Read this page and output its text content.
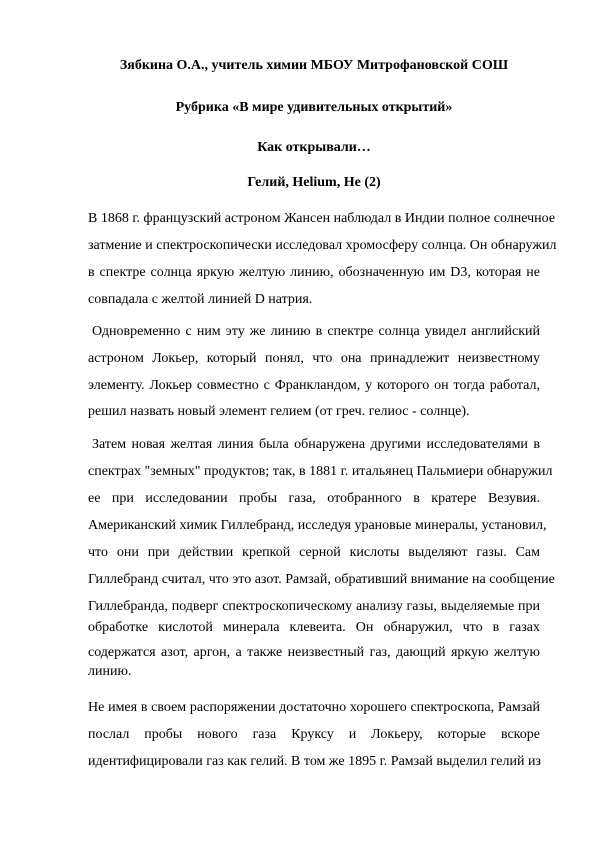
Зябкина О.А., учитель химии МБОУ Митрофановской СОШ
Рубрика «В мире удивительных открытий»
Как открывали…
Гелий, Helium, He (2)
В 1868 г. французский астроном Жансен наблюдал в Индии полное солнечное
затмение и спектроскопически исследовал хромосферу солнца. Он обнаружил
в спектре солнца яркую желтую линию, обозначенную им D3, которая не
совпадала с желтой линией D натрия.
Одновременно с ним эту же линию в спектре солнца увидел английский
астроном Локьер, который понял, что она принадлежит неизвестному
элементу. Локьер совместно с Франкландом, у которого он тогда работал,
решил назвать новый элемент гелием (от греч. гелиос - солнце).
Затем новая желтая линия была обнаружена другими исследователями в
спектрах "земных" продуктов; так, в 1881 г. итальянец Пальмиери обнаружил
ее при исследовании пробы газа, отобранного в кратере Везувия.
Американский химик Гиллебранд, исследуя урановые минералы, установил,
что они при действии крепкой серной кислоты выделяют газы. Сам
Гиллебранд считал, что это азот. Рамзай, обративший внимание на сообщение
Гиллебранда, подверг спектроскопическому анализу газы, выделяемые при
обработке кислотой минерала клевеита. Он обнаружил, что в газах
содержатся азот, аргон, а также неизвестный газ, дающий яркую желтую
линию.
Не имея в своем распоряжении достаточно хорошего спектроскопа, Рамзай
послал пробы нового газа Круксу и Локьеру, которые вскоре
идентифицировали газ как гелий. В том же 1895 г. Рамзай выделил гелий из
